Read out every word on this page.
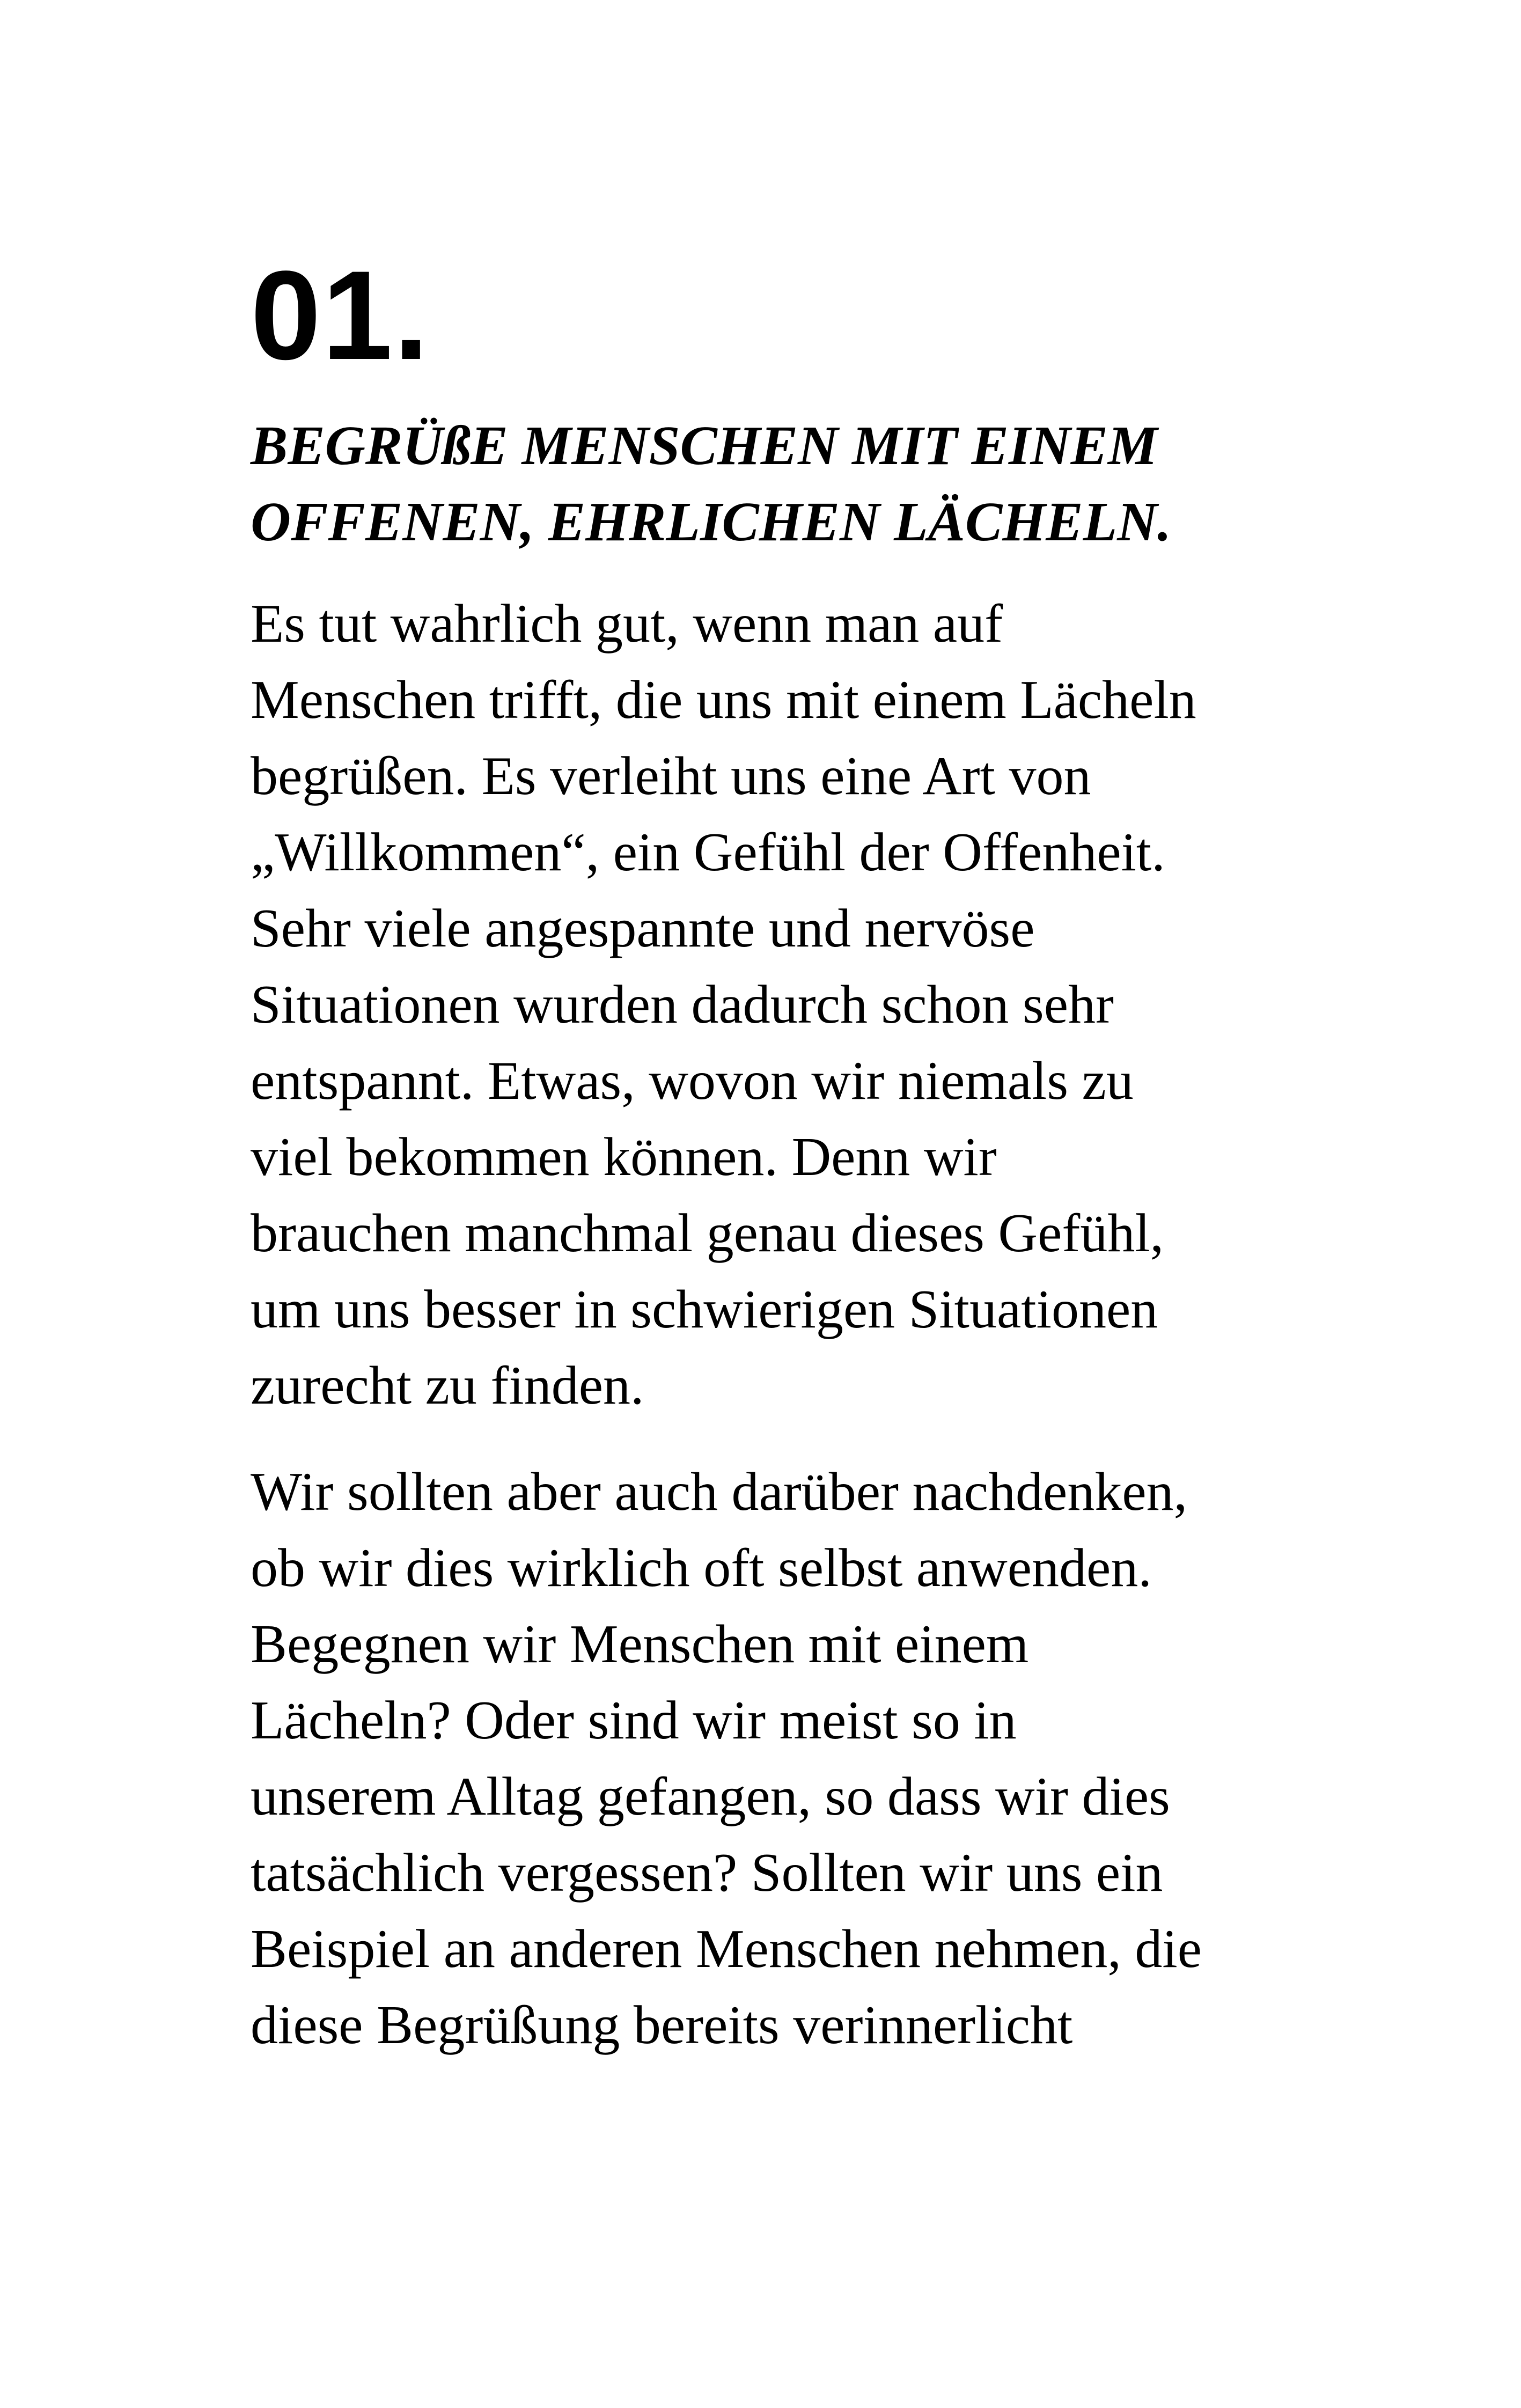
01.
BEGRÜßE MENSCHEN MIT EINEM
OFFENEN, EHRLICHEN LÄCHELN.

Es tut wahrlich gut, wenn man auf
Menschen trifft, die uns mit einem Lächeln
begrüßen. Es verleiht uns eine Art von
„Willkommen“, ein Gefühl der Offenheit.
Sehr viele angespannte und nervöse
Situationen wurden dadurch schon sehr
entspannt. Etwas, wovon wir niemals zu
viel bekommen können. Denn wir
brauchen manchmal genau dieses Gefühl,
um uns besser in schwierigen Situationen
zurecht zu finden.

Wir sollten aber auch darüber nachdenken,
ob wir dies wirklich oft selbst anwenden.
Begegnen wir Menschen mit einem
Lächeln? Oder sind wir meist so in
unserem Alltag gefangen, so dass wir dies
tatsächlich vergessen? Sollten wir uns ein
Beispiel an anderen Menschen nehmen, die
diese Begrüßung bereits verinnerlicht
